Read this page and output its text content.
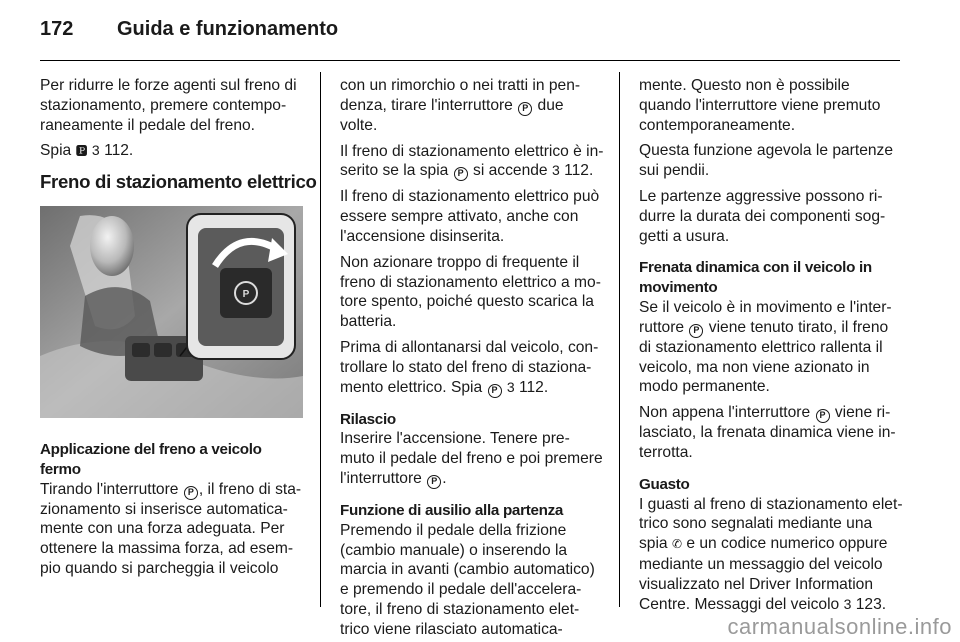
172	Guida e funzionamento
Per ridurre le forze agenti sul freno di
stazionamento, premere contempo-
raneamente il pedale del freno.
Spia 🅿︎ 3 112.
Freno di stazionamento elettrico
P
Applicazione del freno a veicolo
fermo
Tirando l'interruttore P , il freno di sta-
zionamento si inserisce automatica-
mente con una forza adeguata. Per
ottenere la massima forza, ad esem-
pio quando si parcheggia il veicolo
con un rimorchio o nei tratti in pen-
denza, tirare l'interruttore P due
volte.
Il freno di stazionamento elettrico è in-
serito se la spia P si accende 3 112.
Il freno di stazionamento elettrico può
essere sempre attivato, anche con
l'accensione disinserita.
Non azionare troppo di frequente il
freno di stazionamento elettrico a mo-
tore spento, poiché questo scarica la
batteria.
Prima di allontanarsi dal veicolo, con-
trollare lo stato del freno di staziona-
mento elettrico. Spia P 3 112.
Rilascio
Inserire l'accensione. Tenere pre-
muto il pedale del freno e poi premere
l'interruttore P .
Funzione di ausilio alla partenza
Premendo il pedale della frizione
(cambio manuale) o inserendo la
marcia in avanti (cambio automatico)
e premendo il pedale dell'accelera-
tore, il freno di stazionamento elet-
trico viene rilasciato automatica-
mente. Questo non è possibile
quando l'interruttore viene premuto
contemporaneamente.
Questa funzione agevola le partenze
sui pendii.
Le partenze aggressive possono ri-
durre la durata dei componenti sog-
getti a usura.
Frenata dinamica con il veicolo in
movimento
Se il veicolo è in movimento e l'inter-
ruttore P viene tenuto tirato, il freno
di stazionamento elettrico rallenta il
veicolo, ma non viene azionato in
modo permanente.
Non appena l'interruttore P viene ri-
lasciato, la frenata dinamica viene in-
terrotta.
Guasto
I guasti al freno di stazionamento elet-
trico sono segnalati mediante una
spia ✆ e un codice numerico oppure
mediante un messaggio del veicolo
visualizzato nel Driver Information
Centre. Messaggi del veicolo 3 123.
carmanualsonline.info
